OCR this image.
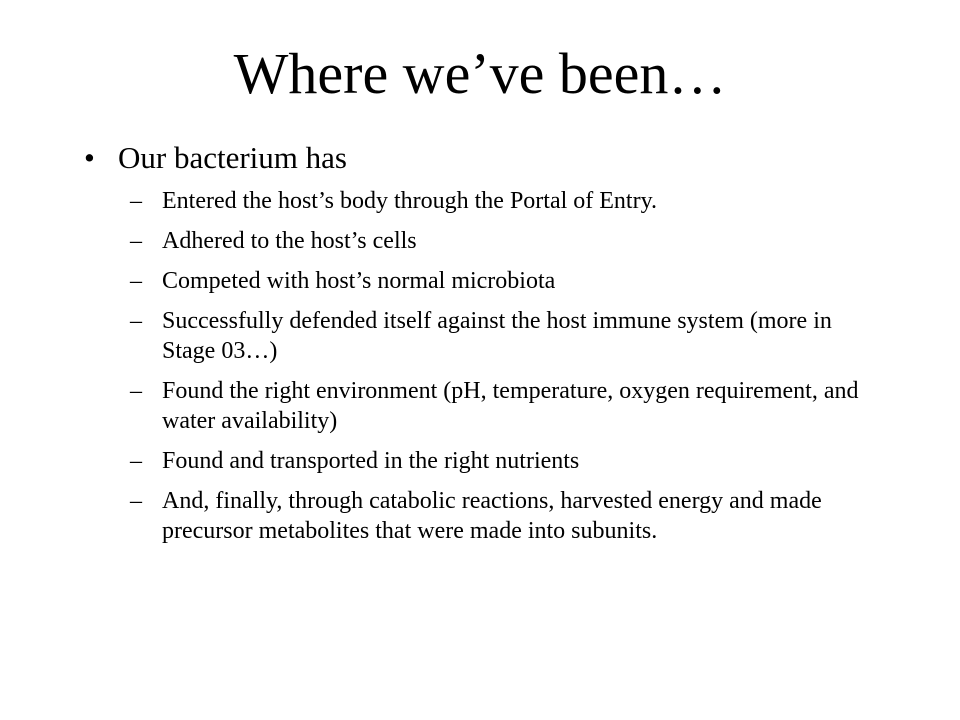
Where we’ve been…
• Our bacterium has
– Entered the host’s body through the Portal of Entry.
– Adhered to the host’s cells
– Competed with host’s normal microbiota
– Successfully defended itself against the host immune system (more in Stage 03…)
– Found the right environment (pH, temperature, oxygen requirement, and water availability)
– Found and transported in the right nutrients
– And, finally, through catabolic reactions, harvested energy and made precursor metabolites that were made into subunits.
